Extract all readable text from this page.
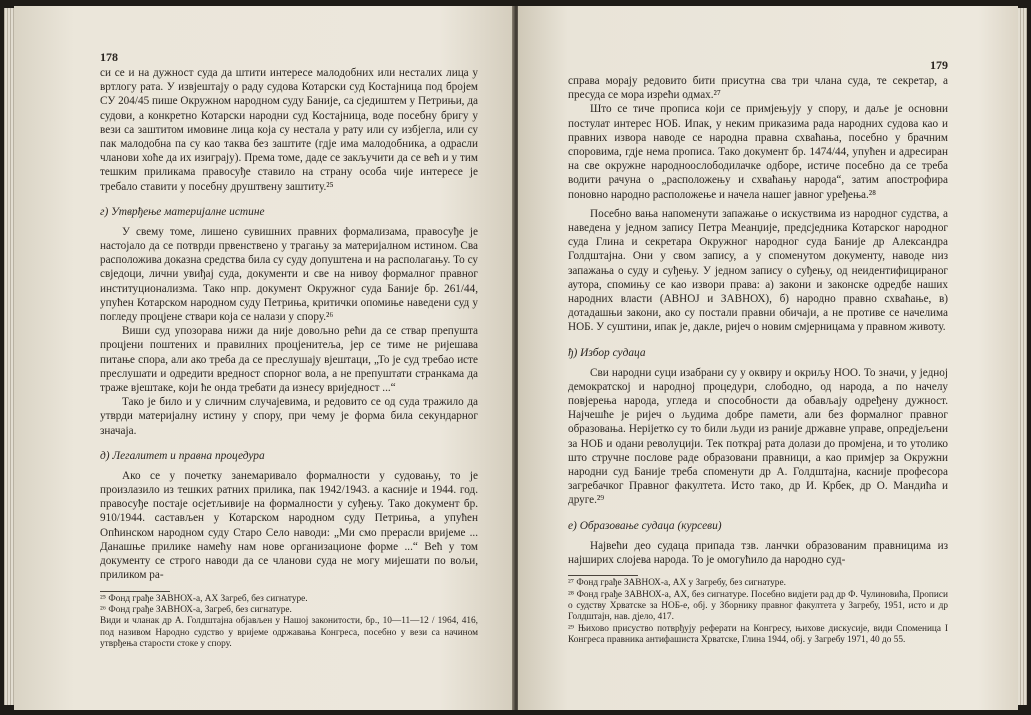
178

си се и на дужност суда да штити интересе малодобних или несталих лица у вртлогу рата. У извјештају о раду судова Котарски суд Костајница под бројем СУ 204/45 пише Окружном народном суду Баније, са сједиштем у Петрињи, да судови, а конкретно Котарски народни суд Костајница, воде посебну бригу у вези са заштитом имовине лица која су нестала у рату или су избјегла, или су пак малодобна па су као таква без заштите (гдје има малодобника, а одрасли чланови хоће да их изиграју). Према томе, даде се закључити да се већ и у тим тешким приликама правосуђе ставило на страну особа чије интересе је требало ставити у посебну друштвену заштиту.²⁵

г) Утврђење материјалне истине

У свему томе, лишено сувишних правних формализама, правосуђе је настојало да се потврди првенствено у трагању за материјалном истином. Сва расположива доказна средства била су суду допуштена и на располагању. То су свједоци, лични увиђај суда, документи и све на нивоу формалног правног институционализма. Тако нпр. документ Окружног суда Баније бр. 261/44, упућен Котарском народном суду Петриња, критички опомиње наведени суд у погледу процјене ствари која се налази у спору.²⁶

Виши суд упозорава нижи да није довољно рећи да се ствар препушта процјени поштених и правилних процјенитеља, јер се тиме не ријешава питање спора, али ако треба да се преслушају вјештаци, „То је суд требао исте преслушати и одредити вредност спорног вола, а не препуштати странкама да траже вјештаке, који ће онда требати да изнесу вриједност ...“

Тако је било и у сличним случајевима, и редовито се од суда тражило да утврди материјалну истину у спору, при чему је форма била секундарног значаја.

д) Легалитет и правна процедура

Ако се у почетку занемаривало формалности у судовању, то је произлазило из тешких ратних прилика, пак 1942/1943. а касније и 1944. год. правосуђе постаје осјетљивије на формалности у суђењу. Тако документ бр. 910/1944. састављен у Котарском народном суду Петриња, а упућен Опћинском народном суду Старо Село наводи: „Ми смо прерасли вријеме ... Данашње прилике намећу нам нове организационе форме ...“ Већ у том документу се строго наводи да се чланови суда не могу мијешати по вољи, приликом ра-

²⁵ Фонд грађе ЗАВНОХ-а, АХ Загреб, без сигнатуре.

²⁶ Фонд грађе ЗАВНОХ-а, Загреб, без сигнатуре.

Види и чланак др А. Голдштајна објављен у Нашој законитости, бр., 10—11—12 / 1964, 416, под називом Народно судство у вријеме одржавања Конгреса, посебно у вези са начином утврђења старости стоке у спору.

179

справа морају редовито бити присутна сва три члана суда, те секретар, а пресуда се мора изрећи одмах.²⁷

Што се тиче прописа који се примјењују у спору, и даље је основни постулат интерес НОБ. Ипак, у неким приказима рада народних судова као и правних извора наводе се народна правна схваћања, посебно у брачним споровима, гдје нема прописа. Тако документ бр. 1474/44, упућен и адресиран на све окружне народноослободилачке одборе, истиче посебно да се треба водити рачуна о „расположењу и схваћању народа“, затим апострофира поновно народно расположење и начела нашег јавног уређења.²⁸

Посебно вања напоменути запажање о искуствима из народног судства, а наведена у једном запису Петра Меанџије, предсједника Котарског народног суда Глина и секретара Окружног народног суда Баније др Александра Голдштајна. Они у свом запису, а у споменутом документу, наводе низ запажања о суду и суђењу. У једном запису о суђењу, од неидентифицираног аутора, спомињу се као извори права: а) закони и законске одредбе наших народних власти (АВНОЈ и ЗАВНОХ), б) народно правно схваћање, в) дотадашњи закони, ако су постали правни обичаји, а не противе се начелима НОБ. У суштини, ипак је, дакле, ријеч о новим смјерницама у правном животу.

ђ) Избор судаца

Сви народни суци изабрани су у оквиру и окриљу НОО. То значи, у једној демократској и народној процедури, слободно, од народа, а по начелу повјерења народа, угледа и способности да обављају одређену дужност. Најчешће је ријеч о људима добре памети, али без формалног правног образовања. Нерijетко су то били људи из раније државне управе, опредјељени за НОБ и одани револуцији. Тек поткрај рата долази до промјена, и то утолико што стручне послове раде образовани правници, а као примјер за Окружни народни суд Баније треба споменути др А. Голдштајна, касније професора загребачког Правног факултета. Исто тако, др И. Крбек, др О. Мандића и друге.²⁹

е) Образовање судаца (курсеви)

Највећи део судаца припада тзв. ланчки образованим правницима из најширих слојева народа. То је омогућило да народно суд-

²⁷ Фонд грађе ЗАВНОХ-а, АХ у Загребу, без сигнатуре.

²⁸ Фонд грађе ЗАВНОХ-а, АХ, без сигнатуре. Посебно видјети рад др Ф. Чулиновића, Прописи о судству Хрватске за НОБ-е, обј. у Зборнику правног факултета у Загребу, 1951, исто и др Голдштајн, нав. дјело, 417.

²⁹ Њихово присуство потврђују реферати на Конгресу, њихове дискусије, види Споменица I Конгреса правника антифашиста Хрватске, Глина 1944, обј. у Загребу 1971, 40 до 55.
